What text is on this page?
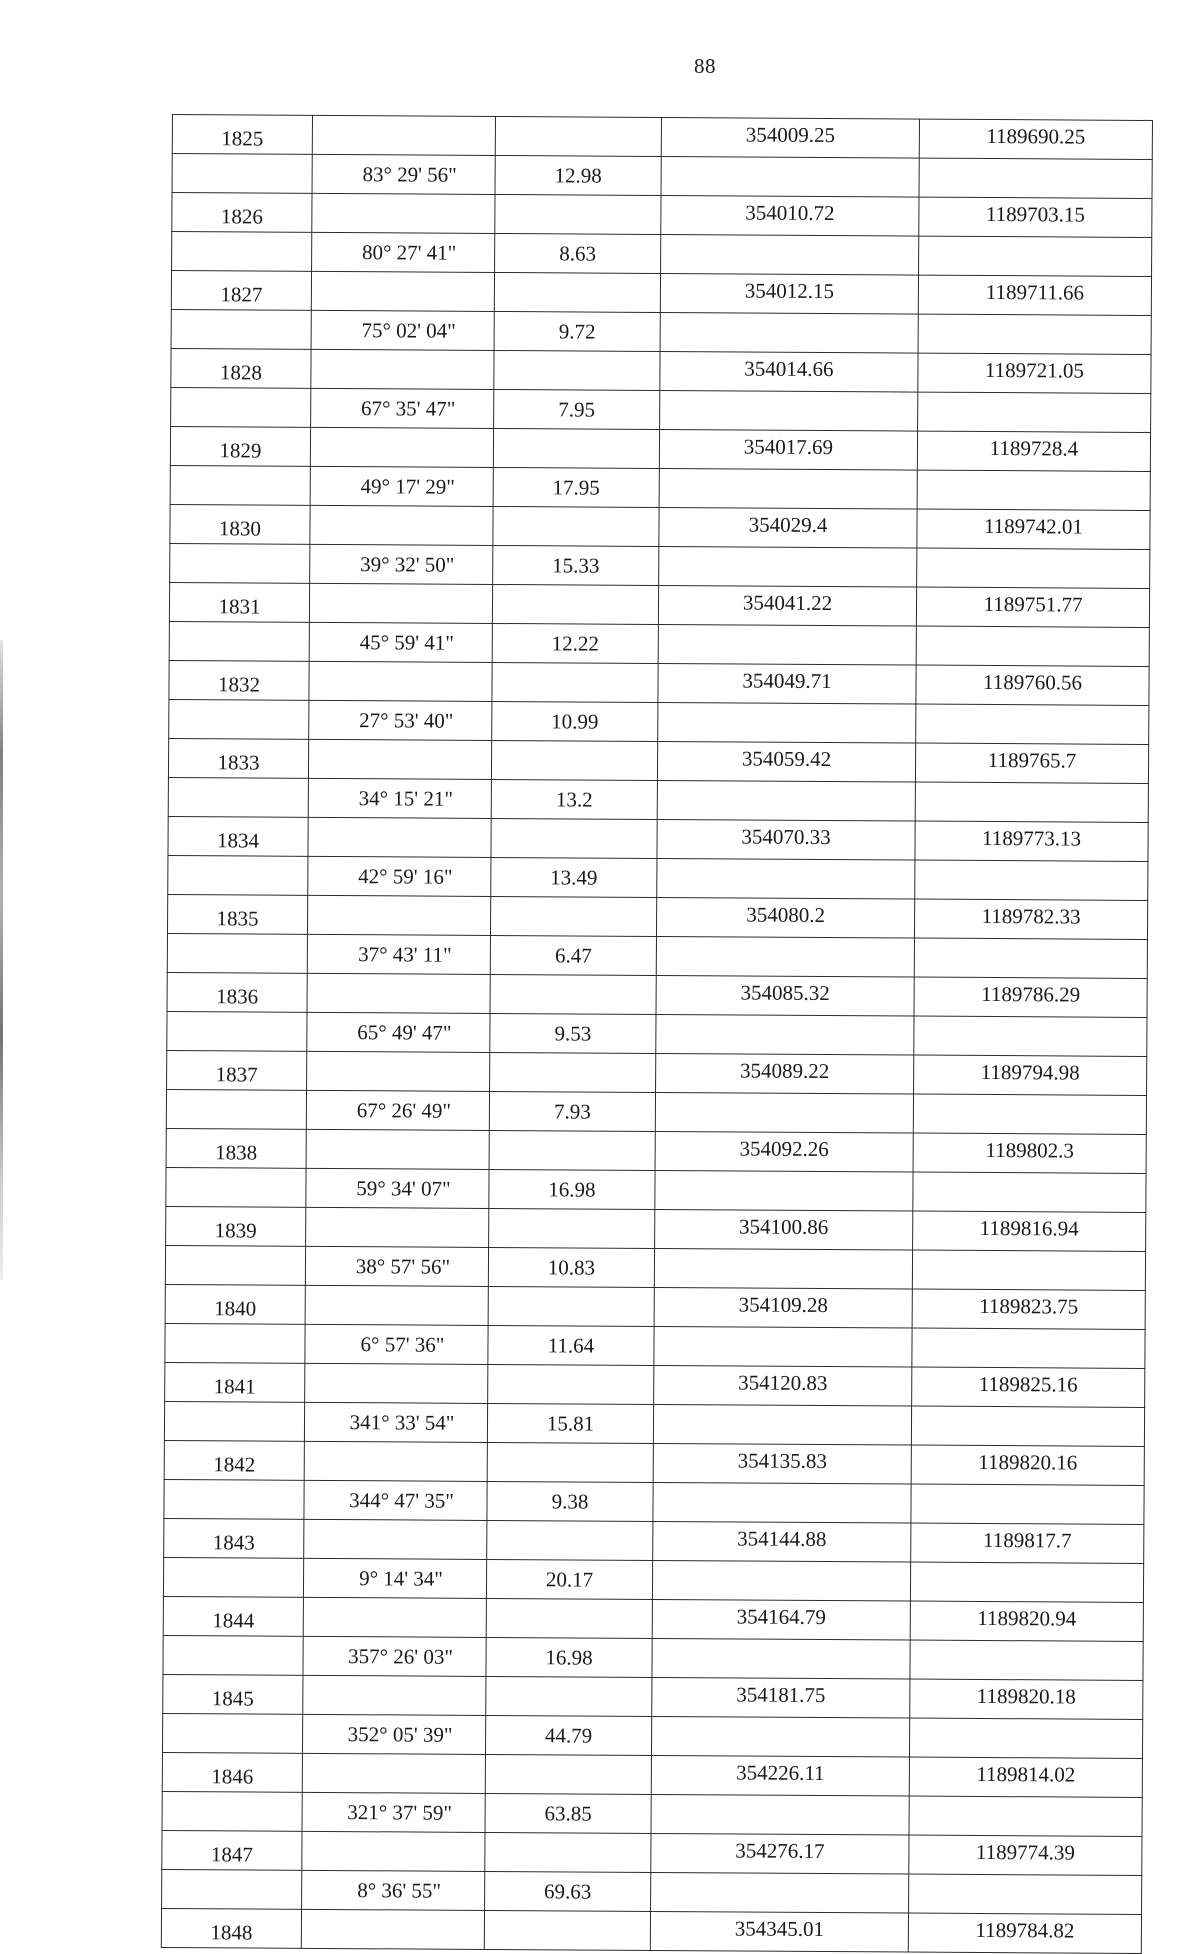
88
1825			354009.25	1189690.25
	83° 29' 56"	12.98		
1826			354010.72	1189703.15
	80° 27' 41"	8.63		
1827			354012.15	1189711.66
	75° 02' 04"	9.72		
1828			354014.66	1189721.05
	67° 35' 47"	7.95		
1829			354017.69	1189728.4
	49° 17' 29"	17.95		
1830			354029.4	1189742.01
	39° 32' 50"	15.33		
1831			354041.22	1189751.77
	45° 59' 41"	12.22		
1832			354049.71	1189760.56
	27° 53' 40"	10.99		
1833			354059.42	1189765.7
	34° 15' 21"	13.2		
1834			354070.33	1189773.13
	42° 59' 16"	13.49		
1835			354080.2	1189782.33
	37° 43' 11"	6.47		
1836			354085.32	1189786.29
	65° 49' 47"	9.53		
1837			354089.22	1189794.98
	67° 26' 49"	7.93		
1838			354092.26	1189802.3
	59° 34' 07"	16.98		
1839			354100.86	1189816.94
	38° 57' 56"	10.83		
1840			354109.28	1189823.75
	6° 57' 36"	11.64		
1841			354120.83	1189825.16
	341° 33' 54"	15.81		
1842			354135.83	1189820.16
	344° 47' 35"	9.38		
1843			354144.88	1189817.7
	9° 14' 34"	20.17		
1844			354164.79	1189820.94
	357° 26' 03"	16.98		
1845			354181.75	1189820.18
	352° 05' 39"	44.79		
1846			354226.11	1189814.02
	321° 37' 59"	63.85		
1847			354276.17	1189774.39
	8° 36' 55"	69.63		
1848			354345.01	1189784.82
